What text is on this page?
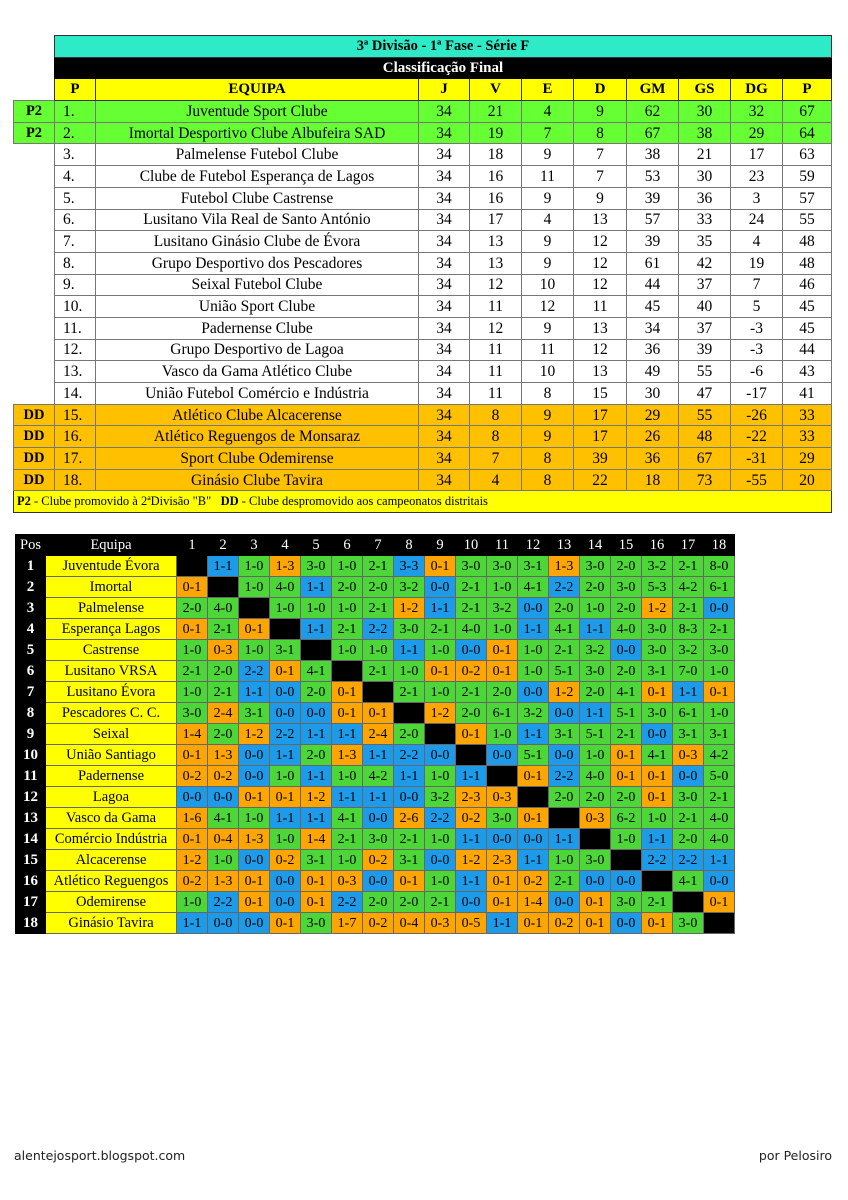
	3ª Divisão - 1ª Fase - Série F									
	Classificação Final									
	P	EQUIPA	J	V	E	D	GM	GS	DG	P
P2	1.	Juventude Sport Clube	34	21	4	9	62	30	32	67
P2	2.	Imortal Desportivo Clube Albufeira SAD	34	19	7	8	67	38	29	64
	3.	Palmelense Futebol Clube	34	18	9	7	38	21	17	63
	4.	Clube de Futebol Esperança de Lagos	34	16	11	7	53	30	23	59
	5.	Futebol Clube Castrense	34	16	9	9	39	36	3	57
	6.	Lusitano Vila Real de Santo António	34	17	4	13	57	33	24	55
	7.	Lusitano Ginásio Clube de Évora	34	13	9	12	39	35	4	48
	8.	Grupo Desportivo dos Pescadores	34	13	9	12	61	42	19	48
	9.	Seixal Futebol Clube	34	12	10	12	44	37	7	46
	10.	União Sport Clube	34	11	12	11	45	40	5	45
	11.	Padernense Clube	34	12	9	13	34	37	-3	45
	12.	Grupo Desportivo de Lagoa	34	11	11	12	36	39	-3	44
	13.	Vasco da Gama Atlético Clube	34	11	10	13	49	55	-6	43
	14.	União Futebol Comércio e Indústria	34	11	8	15	30	47	-17	41
DD	15.	Atlético Clube Alcacerense	34	8	9	17	29	55	-26	33
DD	16.	Atlético Reguengos de Monsaraz	34	8	9	17	26	48	-22	33
DD	17.	Sport Clube Odemirense	34	7	8	39	36	67	-31	29
DD	18.	Ginásio Clube Tavira	34	4	8	22	18	73	-55	20
P2 - Clube promovido à 2ªDivisão "B" DD - Clube despromovido aos campeonatos distritais										
Pos	Equipa	1	2	3	4	5	6	7	8	9	10	11	12	13	14	15	16	17	18
1	Juventude Évora		1-1	1-0	1-3	3-0	1-0	2-1	3-3	0-1	3-0	3-0	3-1	1-3	3-0	2-0	3-2	2-1	8-0
2	Imortal	0-1		1-0	4-0	1-1	2-0	2-0	3-2	0-0	2-1	1-0	4-1	2-2	2-0	3-0	5-3	4-2	6-1
3	Palmelense	2-0	4-0		1-0	1-0	1-0	2-1	1-2	1-1	2-1	3-2	0-0	2-0	1-0	2-0	1-2	2-1	0-0
4	Esperança Lagos	0-1	2-1	0-1		1-1	2-1	2-2	3-0	2-1	4-0	1-0	1-1	4-1	1-1	4-0	3-0	8-3	2-1
5	Castrense	1-0	0-3	1-0	3-1		1-0	1-0	1-1	1-0	0-0	0-1	1-0	2-1	3-2	0-0	3-0	3-2	3-0
6	Lusitano VRSA	2-1	2-0	2-2	0-1	4-1		2-1	1-0	0-1	0-2	0-1	1-0	5-1	3-0	2-0	3-1	7-0	1-0
7	Lusitano Évora	1-0	2-1	1-1	0-0	2-0	0-1		2-1	1-0	2-1	2-0	0-0	1-2	2-0	4-1	0-1	1-1	0-1
8	Pescadores C. C.	3-0	2-4	3-1	0-0	0-0	0-1	0-1		1-2	2-0	6-1	3-2	0-0	1-1	5-1	3-0	6-1	1-0
9	Seixal	1-4	2-0	1-2	2-2	1-1	1-1	2-4	2-0		0-1	1-0	1-1	3-1	5-1	2-1	0-0	3-1	3-1
10	União Santiago	0-1	1-3	0-0	1-1	2-0	1-3	1-1	2-2	0-0		0-0	5-1	0-0	1-0	0-1	4-1	0-3	4-2
11	Padernense	0-2	0-2	0-0	1-0	1-1	1-0	4-2	1-1	1-0	1-1		0-1	2-2	4-0	0-1	0-1	0-0	5-0
12	Lagoa	0-0	0-0	0-1	0-1	1-2	1-1	1-1	0-0	3-2	2-3	0-3		2-0	2-0	2-0	0-1	3-0	2-1
13	Vasco da Gama	1-6	4-1	1-0	1-1	1-1	4-1	0-0	2-6	2-2	0-2	3-0	0-1		0-3	6-2	1-0	2-1	4-0
14	Comércio Indústria	0-1	0-4	1-3	1-0	1-4	2-1	3-0	2-1	1-0	1-1	0-0	0-0	1-1		1-0	1-1	2-0	4-0
15	Alcacerense	1-2	1-0	0-0	0-2	3-1	1-0	0-2	3-1	0-0	1-2	2-3	1-1	1-0	3-0		2-2	2-2	1-1
16	Atlético Reguengos	0-2	1-3	0-1	0-0	0-1	0-3	0-0	0-1	1-0	1-1	0-1	0-2	2-1	0-0	0-0		4-1	0-0
17	Odemirense	1-0	2-2	0-1	0-0	0-1	2-2	2-0	2-0	2-1	0-0	0-1	1-4	0-0	0-1	3-0	2-1		0-1
18	Ginásio Tavira	1-1	0-0	0-0	0-1	3-0	1-7	0-2	0-4	0-3	0-5	1-1	0-1	0-2	0-1	0-0	0-1	3-0	
alentejosport.blogspot.com	por Pelosiro
